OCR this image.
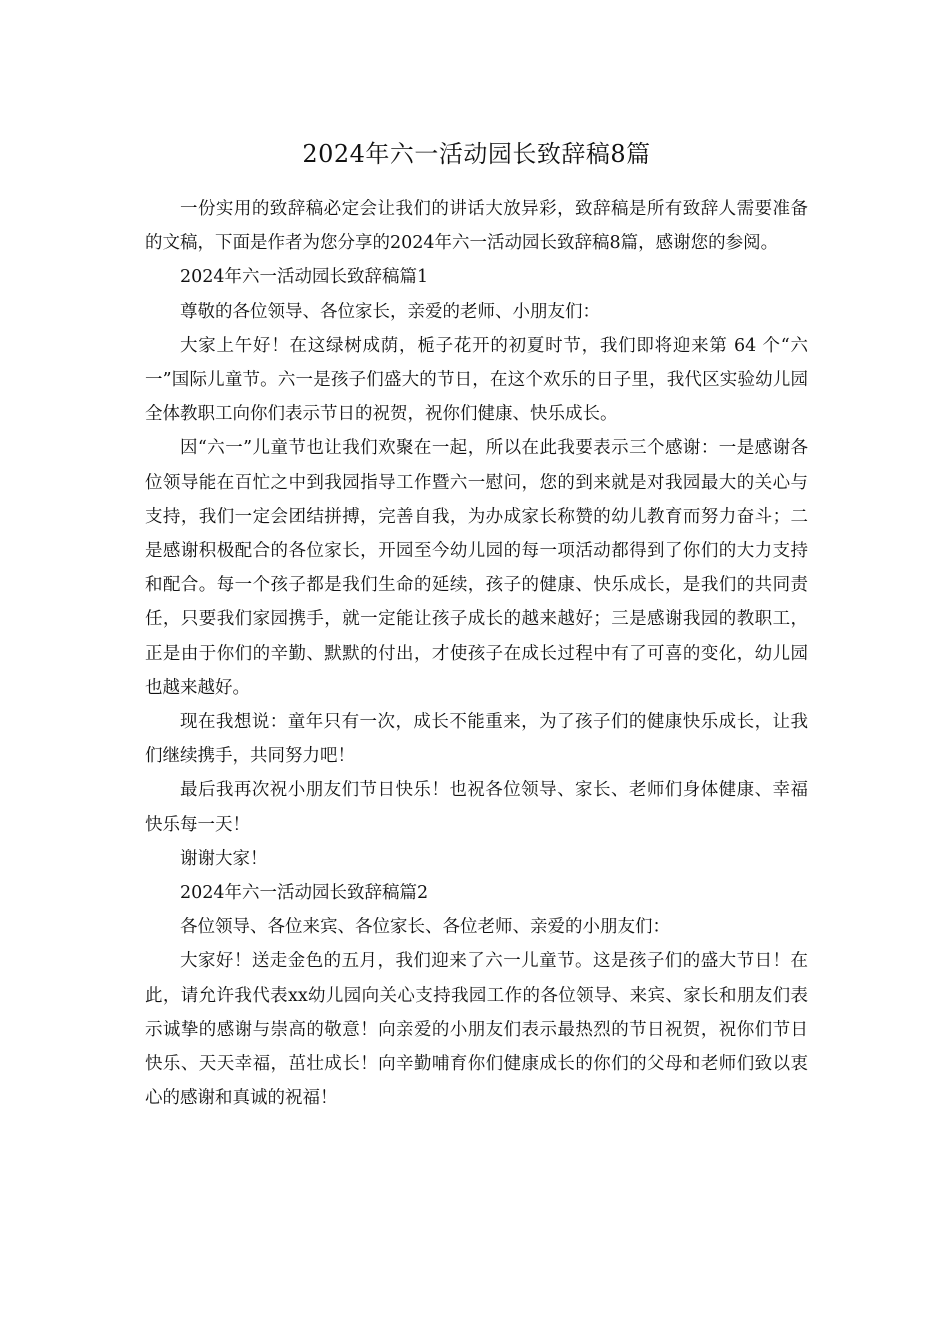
2024年六一活动园长致辞稿8篇

一份实用的致辞稿必定会让我们的讲话大放异彩，致辞稿是所有致辞人需要准备的文稿，下面是作者为您分享的2024年六一活动园长致辞稿8篇，感谢您的参阅。

2024年六一活动园长致辞稿篇1

尊敬的各位领导、各位家长，亲爱的老师、小朋友们：

大家上午好！在这绿树成荫，栀子花开的初夏时节，我们即将迎来第 64 个“六一”国际儿童节。六一是孩子们盛大的节日，在这个欢乐的日子里，我代区实验幼儿园全体教职工向你们表示节日的祝贺，祝你们健康、快乐成长。

因“六一”儿童节也让我们欢聚在一起，所以在此我要表示三个感谢：一是感谢各位领导能在百忙之中到我园指导工作暨六一慰问，您的到来就是对我园最大的关心与支持，我们一定会团结拼搏，完善自我，为办成家长称赞的幼儿教育而努力奋斗；二是感谢积极配合的各位家长，开园至今幼儿园的每一项活动都得到了你们的大力支持和配合。每一个孩子都是我们生命的延续，孩子的健康、快乐成长，是我们的共同责任，只要我们家园携手，就一定能让孩子成长的越来越好；三是感谢我园的教职工，正是由于你们的辛勤、默默的付出，才使孩子在成长过程中有了可喜的变化，幼儿园也越来越好。

现在我想说：童年只有一次，成长不能重来，为了孩子们的健康快乐成长，让我们继续携手，共同努力吧！

最后我再次祝小朋友们节日快乐！也祝各位领导、家长、老师们身体健康、幸福快乐每一天！

谢谢大家！

2024年六一活动园长致辞稿篇2

各位领导、各位来宾、各位家长、各位老师、亲爱的小朋友们：

大家好！送走金色的五月，我们迎来了六一儿童节。这是孩子们的盛大节日！在此，请允许我代表xx幼儿园向关心支持我园工作的各位领导、来宾、家长和朋友们表示诚挚的感谢与崇高的敬意！向亲爱的小朋友们表示最热烈的节日祝贺，祝你们节日快乐、天天幸福，茁壮成长！向辛勤哺育你们健康成长的你们的父母和老师们致以衷心的感谢和真诚的祝福！
